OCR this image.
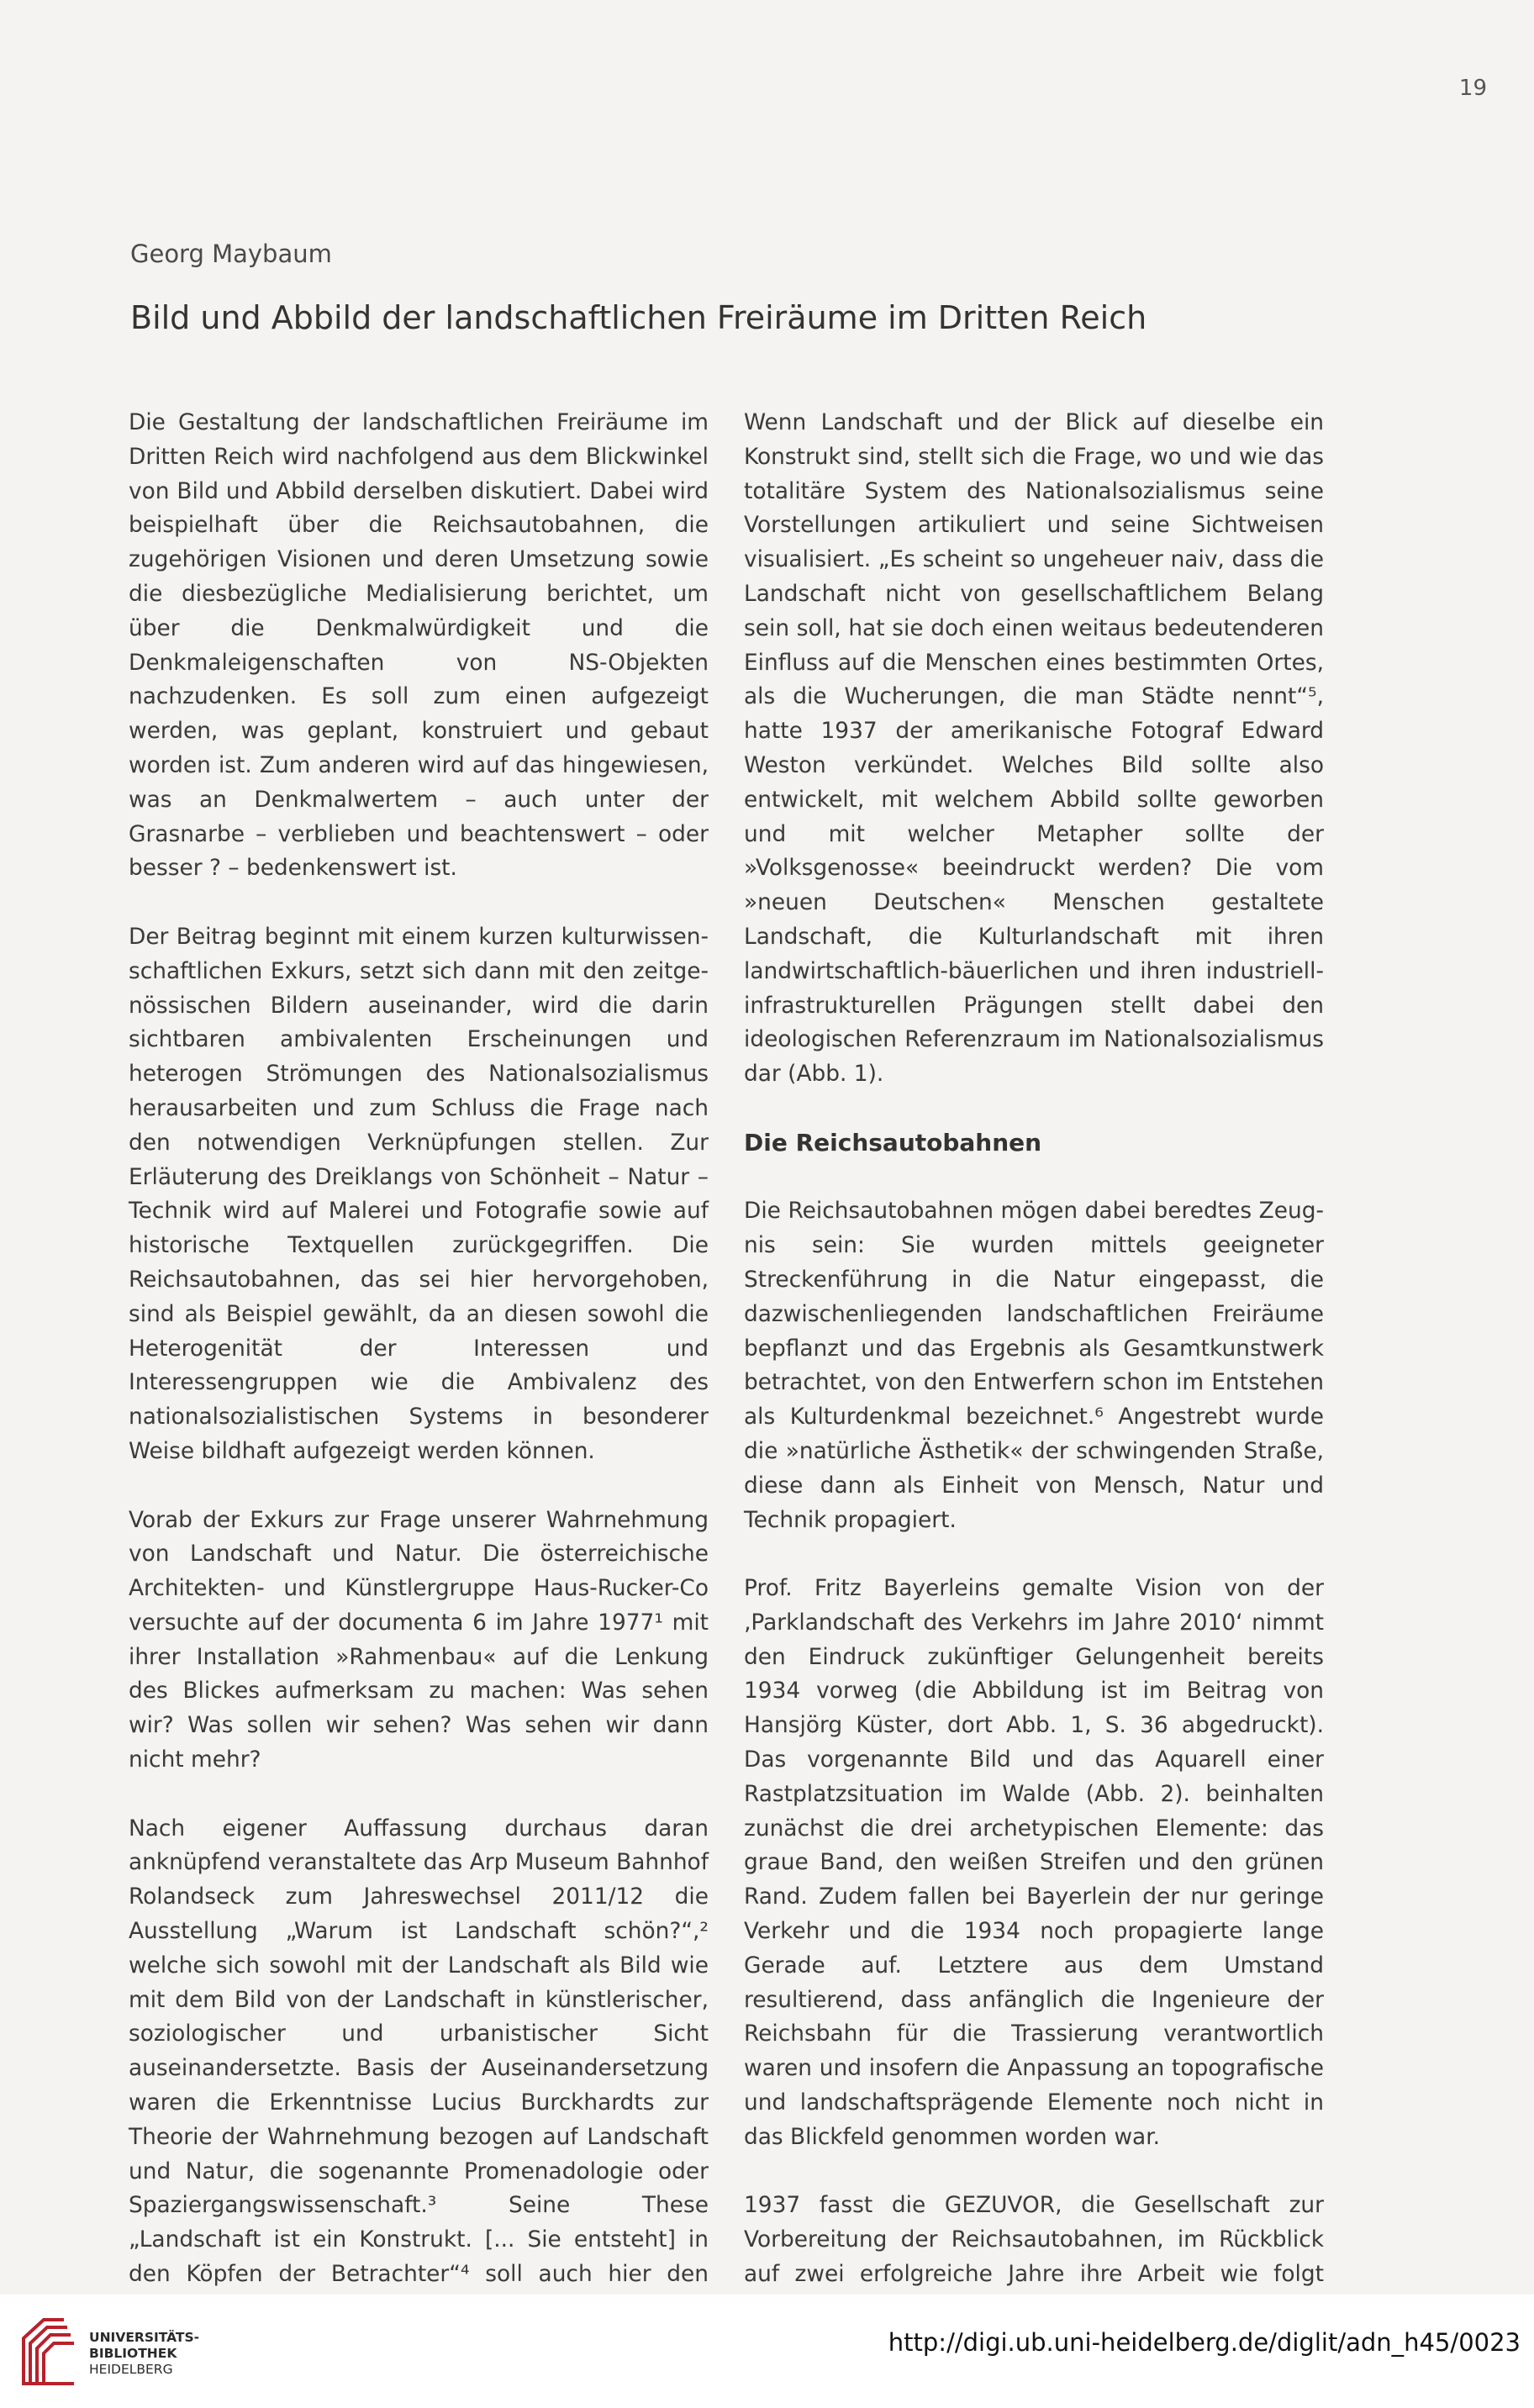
19
Georg Maybaum
Bild und Abbild der landschaftlichen Freiräume im Dritten Reich

Die Gestaltung der landschaftlichen Freiräume im Dritten Reich wird nachfolgend aus dem Blickwinkel von Bild und Abbild derselben diskutiert. Dabei wird beispielhaft über die Reichsautobahnen, die zugehörigen Visionen und deren Umsetzung sowie die diesbezügliche Medialisierung berichtet, um über die Denkmalwürdigkeit und die Denkmaleigenschaften von NS-Objekten nachzudenken. Es soll zum einen aufgezeigt werden, was geplant, konstruiert und gebaut worden ist. Zum anderen wird auf das hingewiesen, was an Denkmalwertem – auch unter der Grasnarbe – verblieben und beachtenswert – oder besser ? – bedenkenswert ist.

Der Beitrag beginnt mit einem kurzen kulturwissenschaftlichen Exkurs, setzt sich dann mit den zeitgenössischen Bildern auseinander, wird die darin sichtbaren ambivalenten Erscheinungen und heterogen Strömungen des Nationalsozialismus herausarbeiten und zum Schluss die Frage nach den notwendigen Verknüpfungen stellen. Zur Erläuterung des Dreiklangs von Schönheit – Natur – Technik wird auf Malerei und Fotografie sowie auf historische Textquellen zurückgegriffen. Die Reichsautobahnen, das sei hier hervorgehoben, sind als Beispiel gewählt, da an diesen sowohl die Heterogenität der Interessen und Interessengruppen wie die Ambivalenz des nationalsozialistischen Systems in besonderer Weise bildhaft aufgezeigt werden können.

Vorab der Exkurs zur Frage unserer Wahrnehmung von Landschaft und Natur. Die österreichische Architekten- und Künstlergruppe Haus-Rucker-Co versuchte auf der documenta 6 im Jahre 1977¹ mit ihrer Installation »Rahmenbau« auf die Lenkung des Blickes aufmerksam zu machen: Was sehen wir? Was sollen wir sehen? Was sehen wir dann nicht mehr?

Nach eigener Auffassung durchaus daran anknüpfend veranstaltete das Arp Museum Bahnhof Rolandseck zum Jahreswechsel 2011/12 die Ausstellung „Warum ist Landschaft schön?“,² welche sich sowohl mit der Landschaft als Bild wie mit dem Bild von der Landschaft in künstlerischer, soziologischer und urbanistischer Sicht auseinandersetzte. Basis der Auseinandersetzung waren die Erkenntnisse Lucius Burckhardts zur Theorie der Wahrnehmung bezogen auf Landschaft und Natur, die sogenannte Promenadologie oder Spaziergangswissenschaft.³ Seine These „Landschaft ist ein Konstrukt. [... Sie entsteht] in den Köpfen der Betrachter“⁴ soll auch hier den

Wenn Landschaft und der Blick auf dieselbe ein Konstrukt sind, stellt sich die Frage, wo und wie das totalitäre System des Nationalsozialismus seine Vorstellungen artikuliert und seine Sichtweisen visualisiert. „Es scheint so ungeheuer naiv, dass die Landschaft nicht von gesellschaftlichem Belang sein soll, hat sie doch einen weitaus bedeutenderen Einfluss auf die Menschen eines bestimmten Ortes, als die Wucherungen, die man Städte nennt“⁵, hatte 1937 der amerikanische Fotograf Edward Weston verkündet. Welches Bild sollte also entwickelt, mit welchem Abbild sollte geworben und mit welcher Metapher sollte der »Volksgenosse« beeindruckt werden? Die vom »neuen Deutschen« Menschen gestaltete Landschaft, die Kulturlandschaft mit ihren landwirtschaftlich-bäuerlichen und ihren industriell-infrastrukturellen Prägungen stellt dabei den ideologischen Referenzraum im Nationalsozialismus dar (Abb. 1).

Die Reichsautobahnen

Die Reichsautobahnen mögen dabei beredtes Zeugnis sein: Sie wurden mittels geeigneter Streckenführung in die Natur eingepasst, die dazwischenliegenden landschaftlichen Freiräume bepflanzt und das Ergebnis als Gesamtkunstwerk betrachtet, von den Entwerfern schon im Entstehen als Kulturdenkmal bezeichnet.⁶ Angestrebt wurde die »natürliche Ästhetik« der schwingenden Straße, diese dann als Einheit von Mensch, Natur und Technik propagiert.

Prof. Fritz Bayerleins gemalte Vision von der ‚Parklandschaft des Verkehrs im Jahre 2010‘ nimmt den Eindruck zukünftiger Gelungenheit bereits 1934 vorweg (die Abbildung ist im Beitrag von Hansjörg Küster, dort Abb. 1, S. 36 abgedruckt). Das vorgenannte Bild und das Aquarell einer Rastplatzsituation im Walde (Abb. 2). beinhalten zunächst die drei archetypischen Elemente: das graue Band, den weißen Streifen und den grünen Rand. Zudem fallen bei Bayerlein der nur geringe Verkehr und die 1934 noch propagierte lange Gerade auf. Letztere aus dem Umstand resultierend, dass anfänglich die Ingenieure der Reichsbahn für die Trassierung verantwortlich waren und insofern die Anpassung an topografische und landschaftsprägende Elemente noch nicht in das Blickfeld genommen worden war.

1937 fasst die GEZUVOR, die Gesellschaft zur Vorbereitung der Reichsautobahnen, im Rückblick auf zwei erfolgreiche Jahre ihre Arbeit wie folgt

UNIVERSITÄTS-
BIBLIOTHEK
HEIDELBERG
http://digi.ub.uni-heidelberg.de/diglit/adn_h45/0023
